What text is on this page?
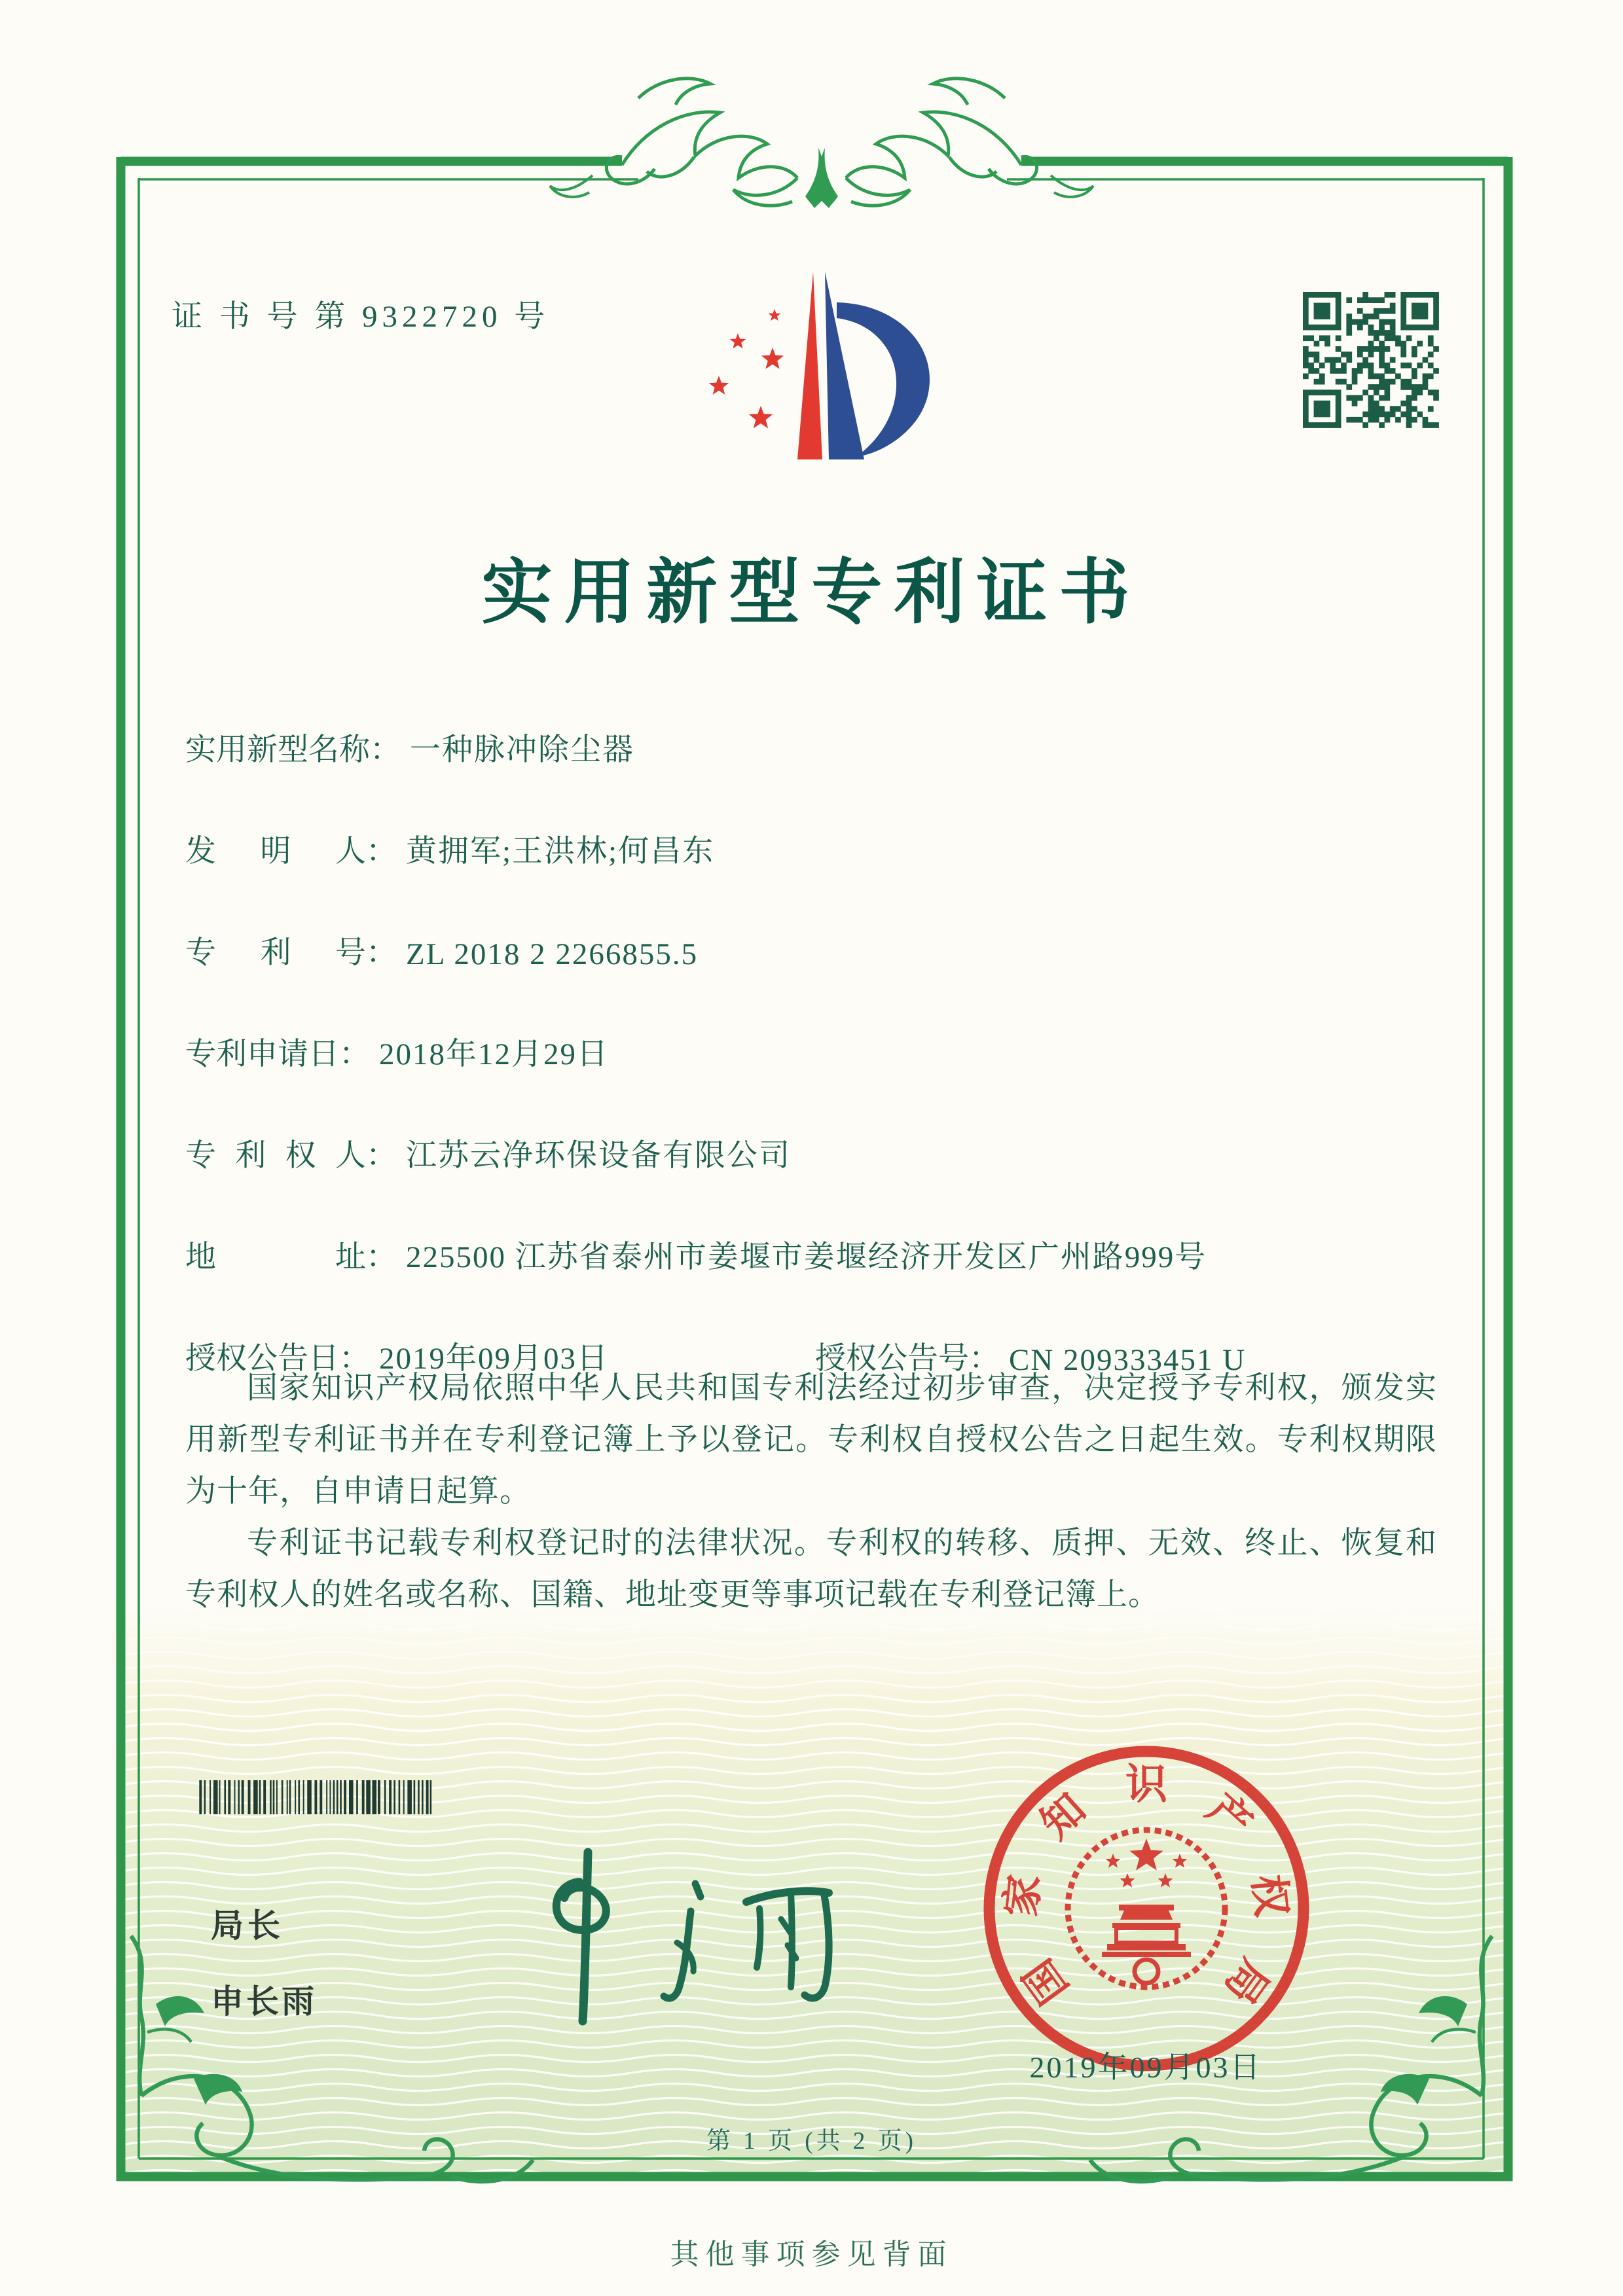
证 书 号 第 9322720 号
实用新型专利证书
实用新型名称： 一种脉冲除尘器
发 明 人 ： 黄拥军;王洪林;何昌东
专 利 号 ： ZL 2018 2 2266855.5
专利申请日： 2018年12月29日
专 利 权 人 ： 江苏云净环保设备有限公司
地	址 ： 225500 江苏省泰州市姜堰市姜堰经济开发区广州路999号
授权公告日： 2019年09月03日	授权公告号： CN 209333451 U

国家知识产权局依照中华人民共和国专利法经过初步审查，决定授予专利权，颁发实用新型专利证书并在专利登记簿上予以登记。专利权自授权公告之日起生效。专利权期限为十年，自申请日起算。

专利证书记载专利权登记时的法律状况。专利权的转移、质押、无效、终止、恢复和专利权人的姓名或名称、国籍、地址变更等事项记载在专利登记簿上。

局长
申长雨	国
家
知
识
产
权
局
2019年09月03日
第 1 页 (共 2 页)
其他事项参见背面
